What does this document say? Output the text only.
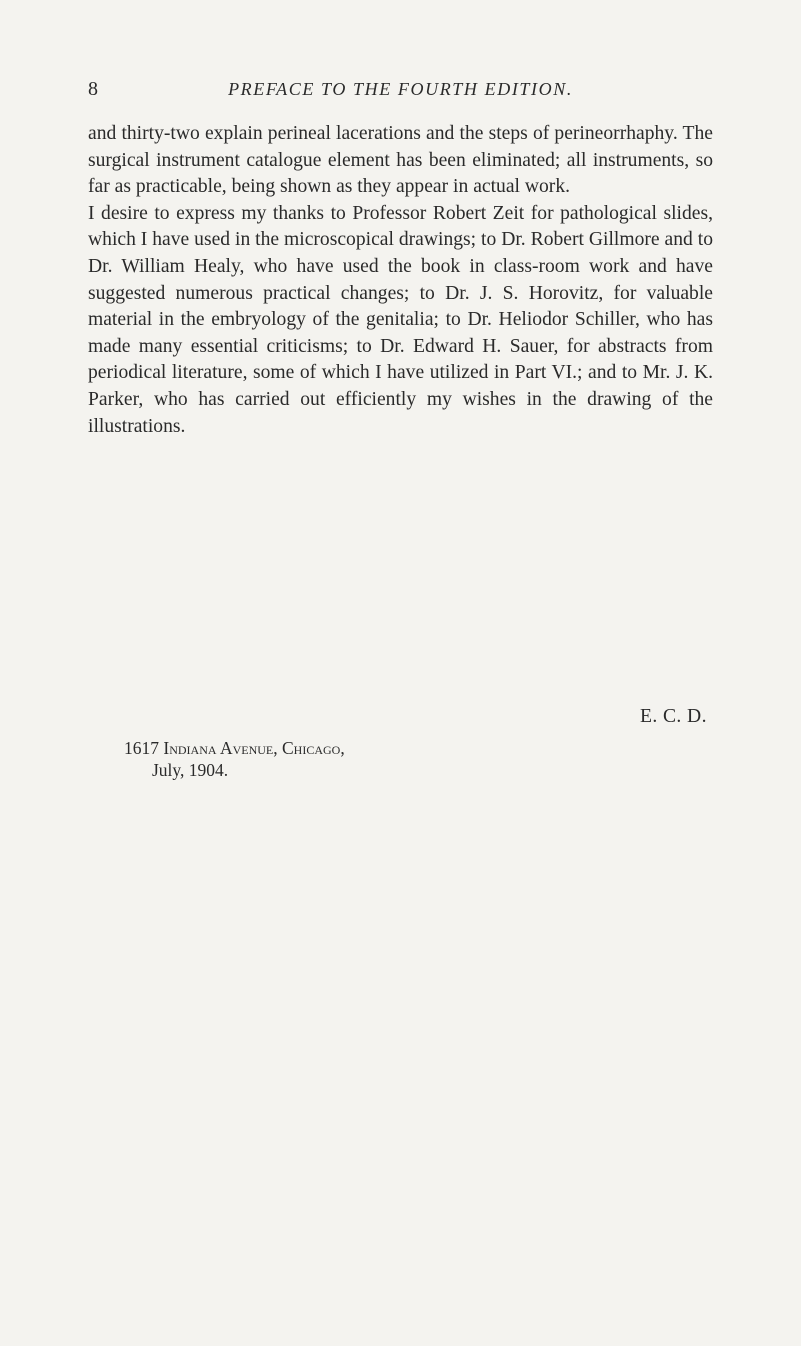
8	PREFACE TO THE FOURTH EDITION.

and thirty-two explain perineal lacerations and the steps of perineorrhaphy. The surgical instrument catalogue element has been eliminated; all instruments, so far as practicable, being shown as they appear in actual work.

I desire to express my thanks to Professor Robert Zeit for pathological slides, which I have used in the microscopical drawings; to Dr. Robert Gillmore and to Dr. William Healy, who have used the book in class-room work and have suggested numerous practical changes; to Dr. J. S. Horovitz, for valuable material in the embryology of the genitalia; to Dr. Heliodor Schiller, who has made many essential criticisms; to Dr. Edward H. Sauer, for abstracts from periodical literature, some of which I have utilized in Part VI.; and to Mr. J. K. Parker, who has carried out efficiently my wishes in the drawing of the illustrations.

E. C. D.
1617 Indiana Avenue, Chicago,
July, 1904.
